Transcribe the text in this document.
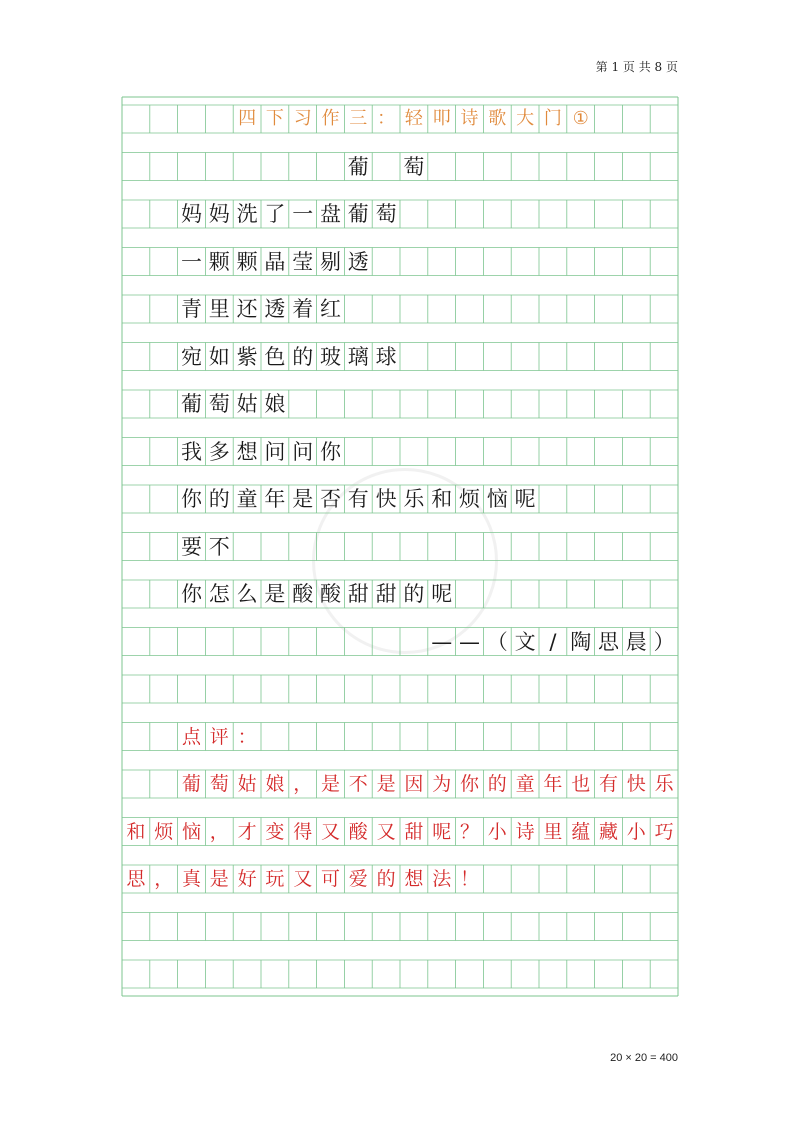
第 1 页 共 8 页
四 下 习 作 三 ： 轻 叩 诗 歌 大 门 ①
葡
　 萄
妈 妈 洗 了 一 盘 葡 萄
一 颗 颗 晶 莹 剔 透
青 里 还 透 着 红
宛 如 紫 色 的 玻 璃 球
葡 萄 姑 娘
我 多 想 问 问 你
你 的 童 年 是 否 有 快 乐 和 烦 恼 呢
要 不
你 怎 么 是 酸 酸 甜 甜 的 呢
— — （ 文 / 陶 思 晨 ）
点 评 ：
葡 萄 姑 娘 ， 是 不 是 因 为 你 的 童 年 也 有 快 乐
和 烦 恼 ， 才 变 得 又 酸 又 甜 呢 ？ 小 诗 里 蕴 藏 小 巧
思 ， 真 是 好 玩 又 可 爱 的 想 法 ！
20 × 20 = 400
